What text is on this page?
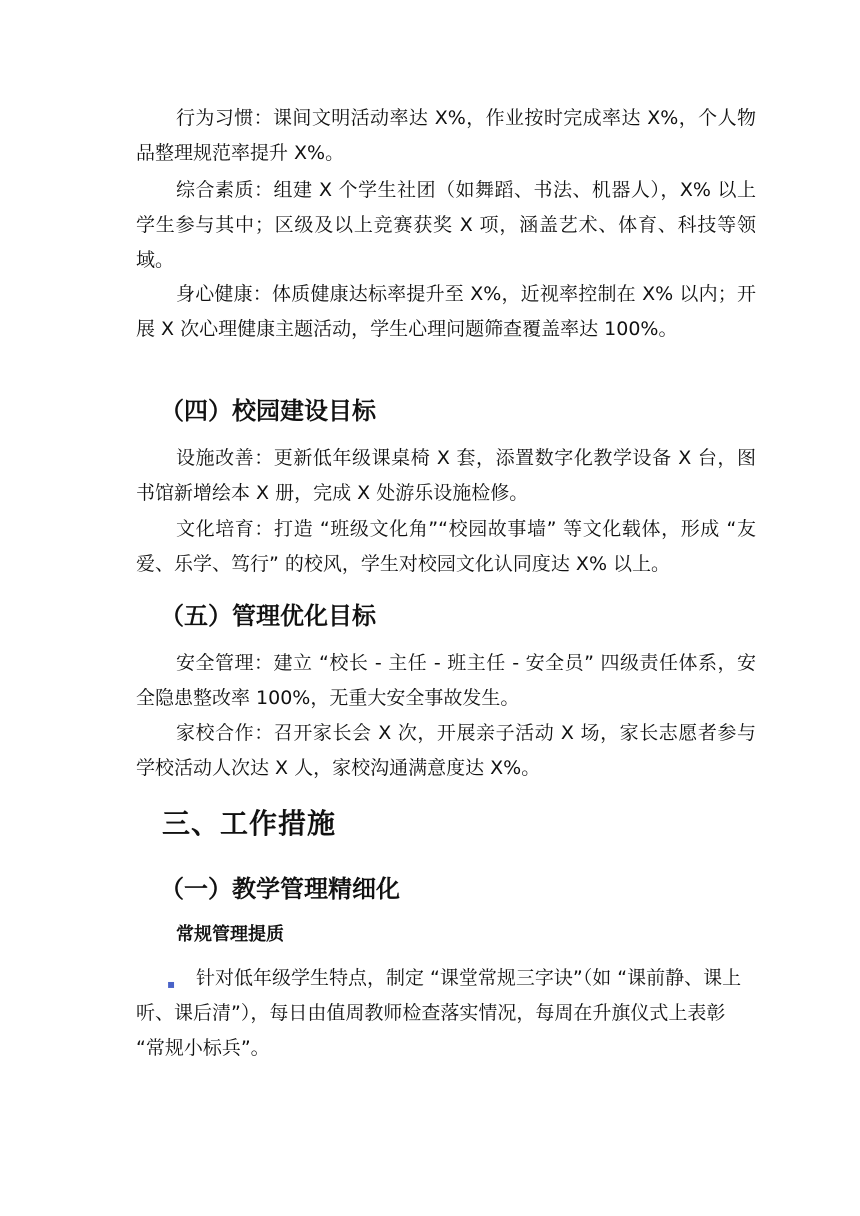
行为习惯：课间文明活动率达 X%，作业按时完成率达 X%，个人物品整理规范率提升 X%。

综合素质：组建 X 个学生社团（如舞蹈、书法、机器人），X% 以上学生参与其中；区级及以上竞赛获奖 X 项，涵盖艺术、体育、科技等领域。

身心健康：体质健康达标率提升至 X%，近视率控制在 X% 以内；开展 X 次心理健康主题活动，学生心理问题筛查覆盖率达 100%。

（四）校园建设目标

设施改善：更新低年级课桌椅 X 套，添置数字化教学设备 X 台，图书馆新增绘本 X 册，完成 X 处游乐设施检修。

文化培育：打造 “班级文化角”“校园故事墙” 等文化载体，形成 “友爱、乐学、笃行” 的校风，学生对校园文化认同度达 X% 以上。

（五）管理优化目标

安全管理：建立 “校长 - 主任 - 班主任 - 安全员” 四级责任体系，安全隐患整改率 100%，无重大安全事故发生。

家校合作：召开家长会 X 次，开展亲子活动 X 场，家长志愿者参与学校活动人次达 X 人，家校沟通满意度达 X%。

三、工作措施
（一）教学管理精细化
常规管理提质
▪	针对低年级学生特点，制定 “课堂常规三字诀”（如 “课前静、课上听、课后清”），每日由值周教师检查落实情况，每周在升旗仪式上表彰 “常规小标兵”。
